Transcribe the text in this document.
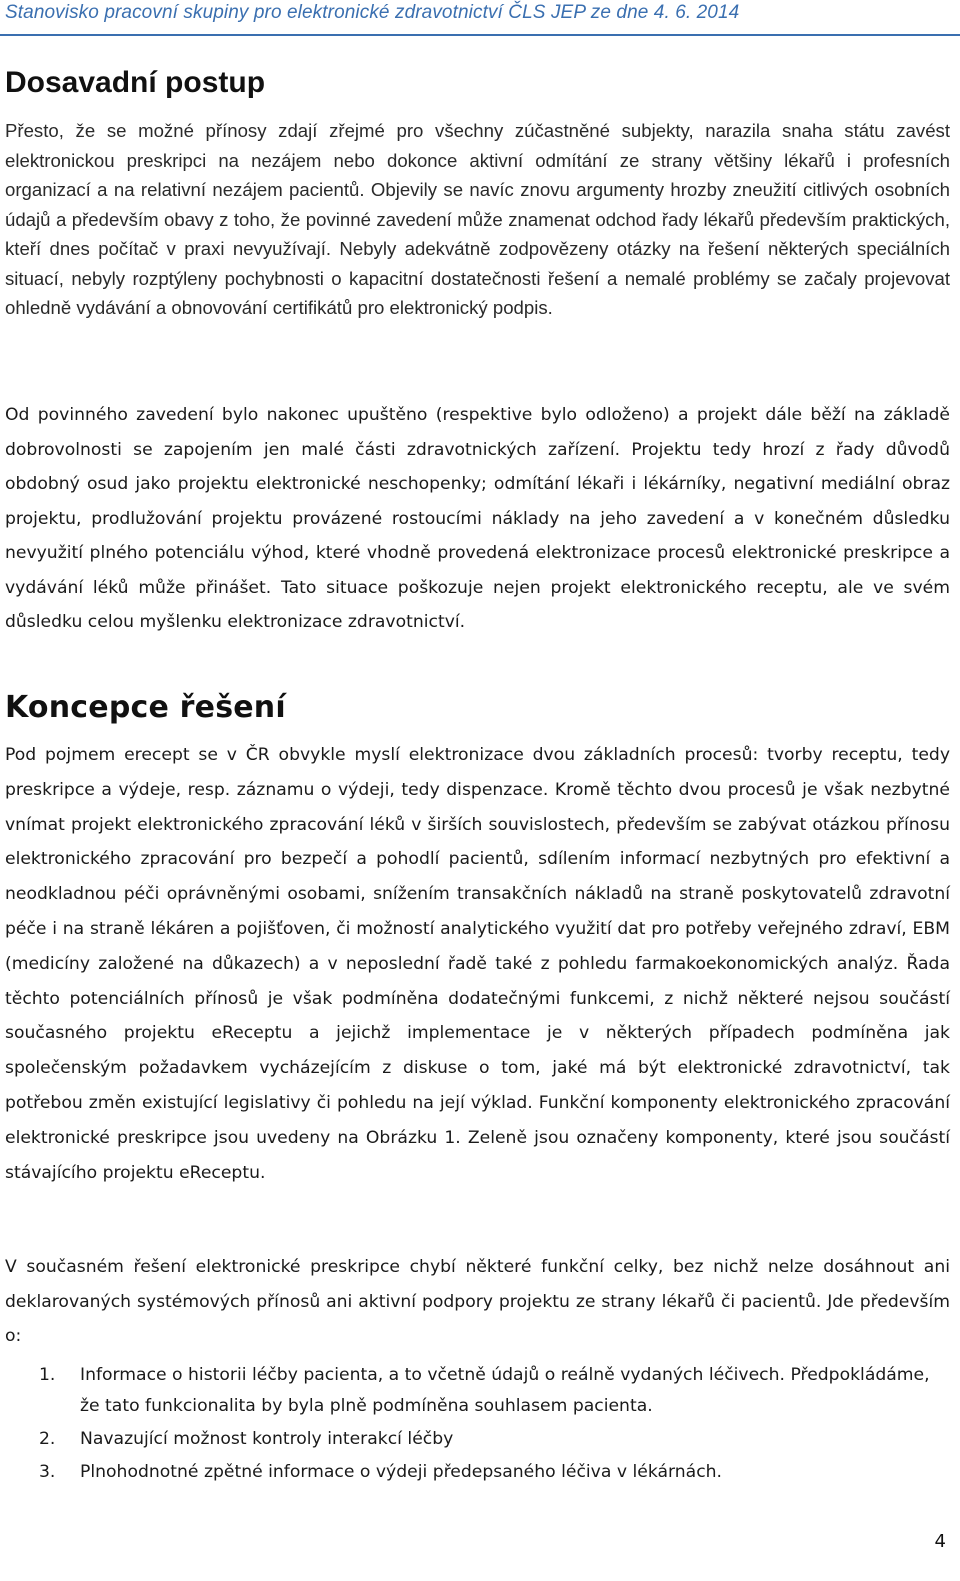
Stanovisko pracovní skupiny pro elektronické zdravotnictví ČLS JEP ze dne 4. 6. 2014
Dosavadní postup

Přesto, že se možné přínosy zdají zřejmé pro všechny zúčastněné subjekty, narazila snaha státu zavést elektronickou preskripci na nezájem nebo dokonce aktivní odmítání ze strany většiny lékařů i profesních organizací a na relativní nezájem pacientů. Objevily se navíc znovu argumenty hrozby zneužití citlivých osobních údajů a především obavy z toho, že povinné zavedení může znamenat odchod řady lékařů především praktických, kteří dnes počítač v praxi nevyužívají. Nebyly adekvátně zodpovězeny otázky na řešení některých speciálních situací, nebyly rozptýleny pochybnosti o kapacitní dostatečnosti řešení a nemalé problémy se začaly projevovat ohledně vydávání a obnovování certifikátů pro elektronický podpis.

Od povinného zavedení bylo nakonec upuštěno (respektive bylo odloženo) a projekt dále běží na základě dobrovolnosti se zapojením jen malé části zdravotnických zařízení. Projektu tedy hrozí z řady důvodů obdobný osud jako projektu elektronické neschopenky; odmítání lékaři i lékárníky, negativní mediální obraz projektu, prodlužování projektu provázené rostoucími náklady na jeho zavedení a v konečném důsledku nevyužití plného potenciálu výhod, které vhodně provedená elektronizace procesů elektronické preskripce a vydávání léků může přinášet. Tato situace poškozuje nejen projekt elektronického receptu, ale ve svém důsledku celou myšlenku elektronizace zdravotnictví.

Koncepce řešení

Pod pojmem erecept se v ČR obvykle myslí elektronizace dvou základních procesů: tvorby receptu, tedy preskripce a výdeje, resp. záznamu o výdeji, tedy dispenzace. Kromě těchto dvou procesů je však nezbytné vnímat projekt elektronického zpracování léků v širších souvislostech, především se zabývat otázkou přínosu elektronického zpracování pro bezpečí a pohodlí pacientů, sdílením informací nezbytných pro efektivní a neodkladnou péči oprávněnými osobami, snížením transakčních nákladů na straně poskytovatelů zdravotní péče i na straně lékáren a pojišťoven, či možností analytického využití dat pro potřeby veřejného zdraví, EBM (medicíny založené na důkazech) a v neposlední řadě také z pohledu farmakoekonomických analýz. Řada těchto potenciálních přínosů je však podmíněna dodatečnými funkcemi, z nichž některé nejsou součástí současného projektu eReceptu a jejichž implementace je v některých případech podmíněna jak společenským požadavkem vycházejícím z diskuse o tom, jaké má být elektronické zdravotnictví, tak potřebou změn existující legislativy či pohledu na její výklad. Funkční komponenty elektronického zpracování elektronické preskripce jsou uvedeny na Obrázku 1. Zeleně jsou označeny komponenty, které jsou součástí stávajícího projektu eReceptu.

V současném řešení elektronické preskripce chybí některé funkční celky, bez nichž nelze dosáhnout ani deklarovaných systémových přínosů ani aktivní podpory projektu ze strany lékařů či pacientů. Jde především o:

1. Informace o historii léčby pacienta, a to včetně údajů o reálně vydaných léčivech. Předpokládáme, že tato funkcionalita by byla plně podmíněna souhlasem pacienta.
2. Navazující možnost kontroly interakcí léčby
3. Plnohodnotné zpětné informace o výdeji předepsaného léčiva v lékárnách.
4
